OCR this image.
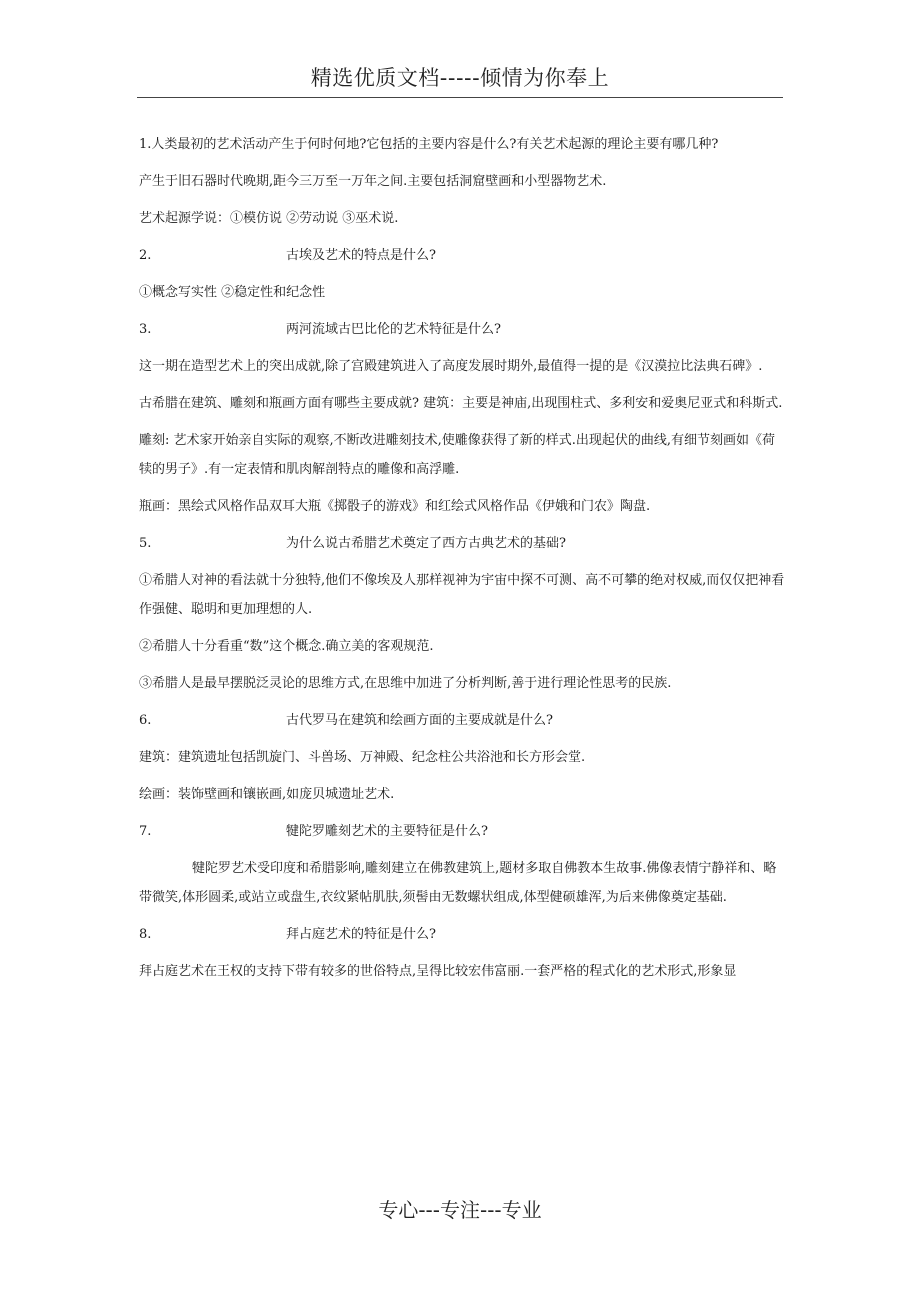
精选优质文档-----倾情为你奉上

1.人类最初的艺术活动产生于何时何地?它包括的主要内容是什么?有关艺术起源的理论主要有哪几种?

产生于旧石器时代晚期,距今三万至一万年之间.主要包括洞窟壁画和小型器物艺术.

艺术起源学说：①模仿说 ②劳动说 ③巫术说.

2.	古埃及艺术的特点是什么?

①概念写实性 ②稳定性和纪念性

3.	两河流域古巴比伦的艺术特征是什么?

这一期在造型艺术上的突出成就,除了宫殿建筑进入了高度发展时期外,最值得一提的是《汉漠拉比法典石碑》.

古希腊在建筑、雕刻和瓶画方面有哪些主要成就? 建筑：主要是神庙,出现围柱式、多利安和爱奥尼亚式和科斯式.

雕刻: 艺术家开始亲自实际的观察,不断改进雕刻技术,使雕像获得了新的样式.出现起伏的曲线,有细节刻画如《荷犊的男子》.有一定表情和肌肉解剖特点的雕像和高浮雕.

瓶画：黑绘式风格作品双耳大瓶《掷骰子的游戏》和红绘式风格作品《伊娥和门农》陶盘.

5.	为什么说古希腊艺术奠定了西方古典艺术的基础?

①希腊人对神的看法就十分独特,他们不像埃及人那样视神为宇宙中探不可测、高不可攀的绝对权威,而仅仅把神看作强健、聪明和更加理想的人.

②希腊人十分看重“数”这个概念.确立美的客观规范.

③希腊人是最早摆脱泛灵论的思维方式,在思维中加进了分析判断,善于进行理论性思考的民族.

6.	古代罗马在建筑和绘画方面的主要成就是什么?

建筑：建筑遗址包括凯旋门、斗兽场、万神殿、纪念柱公共浴池和长方形会堂.

绘画：装饰壁画和镶嵌画,如庞贝城遗址艺术.

7.	犍陀罗雕刻艺术的主要特征是什么?

犍陀罗艺术受印度和希腊影响,雕刻建立在佛教建筑上,题材多取自佛教本生故事.佛像表情宁静祥和、略带微笑,体形圆柔,或站立或盘生,衣纹紧帖肌肤,须髻由无数螺状组成,体型健硕雄浑,为后来佛像奠定基础.

8.	拜占庭艺术的特征是什么?

拜占庭艺术在王权的支持下带有较多的世俗特点,呈得比较宏伟富丽.一套严格的程式化的艺术形式,形象显

专心---专注---专业
